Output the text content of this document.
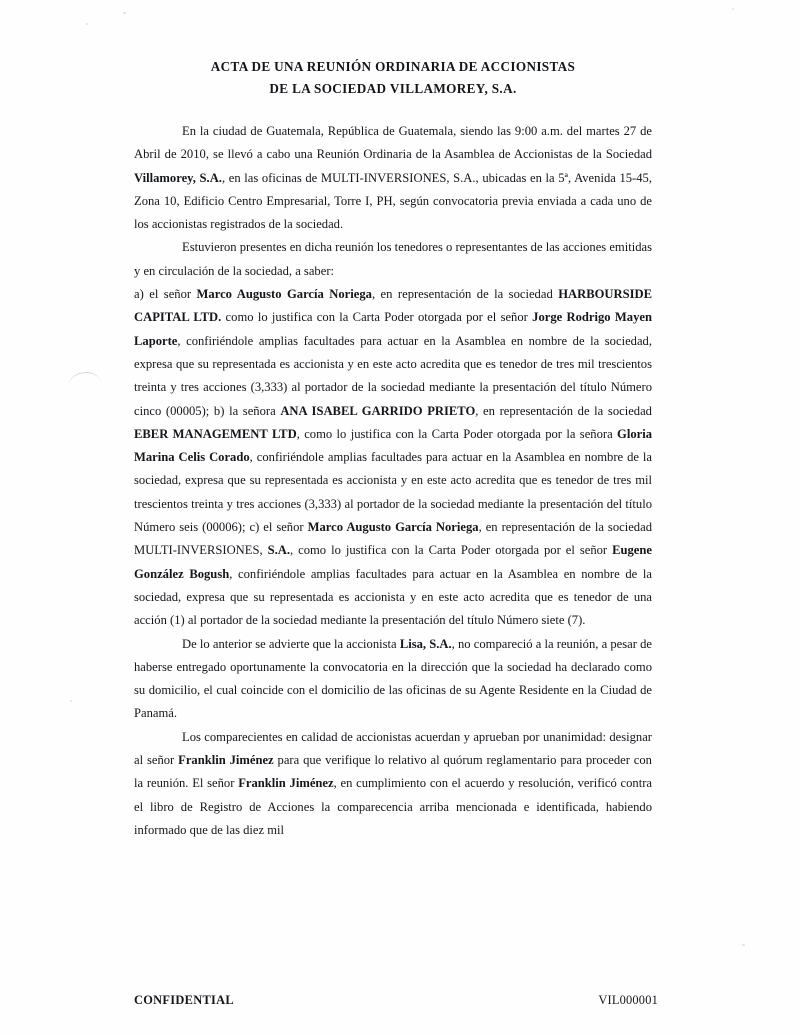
ACTA DE UNA REUNIÓN ORDINARIA DE ACCIONISTAS
DE LA SOCIEDAD VILLAMOREY, S.A.

En la ciudad de Guatemala, República de Guatemala, siendo las 9:00 a.m. del martes 27 de Abril de 2010, se llevó a cabo una Reunión Ordinaria de la Asamblea de Accionistas de la Sociedad Villamorey, S.A., en las oficinas de MULTI-INVERSIONES, S.A., ubicadas en la 5ª, Avenida 15-45, Zona 10, Edificio Centro Empresarial, Torre I, PH, según convocatoria previa enviada a cada uno de los accionistas registrados de la sociedad.

Estuvieron presentes en dicha reunión los tenedores o representantes de las acciones emitidas y en circulación de la sociedad, a saber:

a) el señor Marco Augusto García Noriega, en representación de la sociedad HARBOURSIDE CAPITAL LTD. como lo justifica con la Carta Poder otorgada por el señor Jorge Rodrigo Mayen Laporte, confiriéndole amplias facultades para actuar en la Asamblea en nombre de la sociedad, expresa que su representada es accionista y en este acto acredita que es tenedor de tres mil trescientos treinta y tres acciones (3,333) al portador de la sociedad mediante la presentación del título Número cinco (00005); b) la señora ANA ISABEL GARRIDO PRIETO, en representación de la sociedad EBER MANAGEMENT LTD, como lo justifica con la Carta Poder otorgada por la señora Gloria Marina Celis Corado, confiriéndole amplias facultades para actuar en la Asamblea en nombre de la sociedad, expresa que su representada es accionista y en este acto acredita que es tenedor de tres mil trescientos treinta y tres acciones (3,333) al portador de la sociedad mediante la presentación del título Número seis (00006); c) el señor Marco Augusto García Noriega, en representación de la sociedad MULTI-INVERSIONES, S.A., como lo justifica con la Carta Poder otorgada por el señor Eugene González Bogush, confiriéndole amplias facultades para actuar en la Asamblea en nombre de la sociedad, expresa que su representada es accionista y en este acto acredita que es tenedor de una acción (1) al portador de la sociedad mediante la presentación del título Número siete (7).

De lo anterior se advierte que la accionista Lisa, S.A., no compareció a la reunión, a pesar de haberse entregado oportunamente la convocatoria en la dirección que la sociedad ha declarado como su domicilio, el cual coincide con el domicilio de las oficinas de su Agente Residente en la Ciudad de Panamá.

Los comparecientes en calidad de accionistas acuerdan y aprueban por unanimidad: designar al señor Franklin Jiménez para que verifique lo relativo al quórum reglamentario para proceder con la reunión. El señor Franklin Jiménez, en cumplimiento con el acuerdo y resolución, verificó contra el libro de Registro de Acciones la comparecencia arriba mencionada e identificada, habiendo informado que de las diez mil

CONFIDENTIAL	VIL000001
